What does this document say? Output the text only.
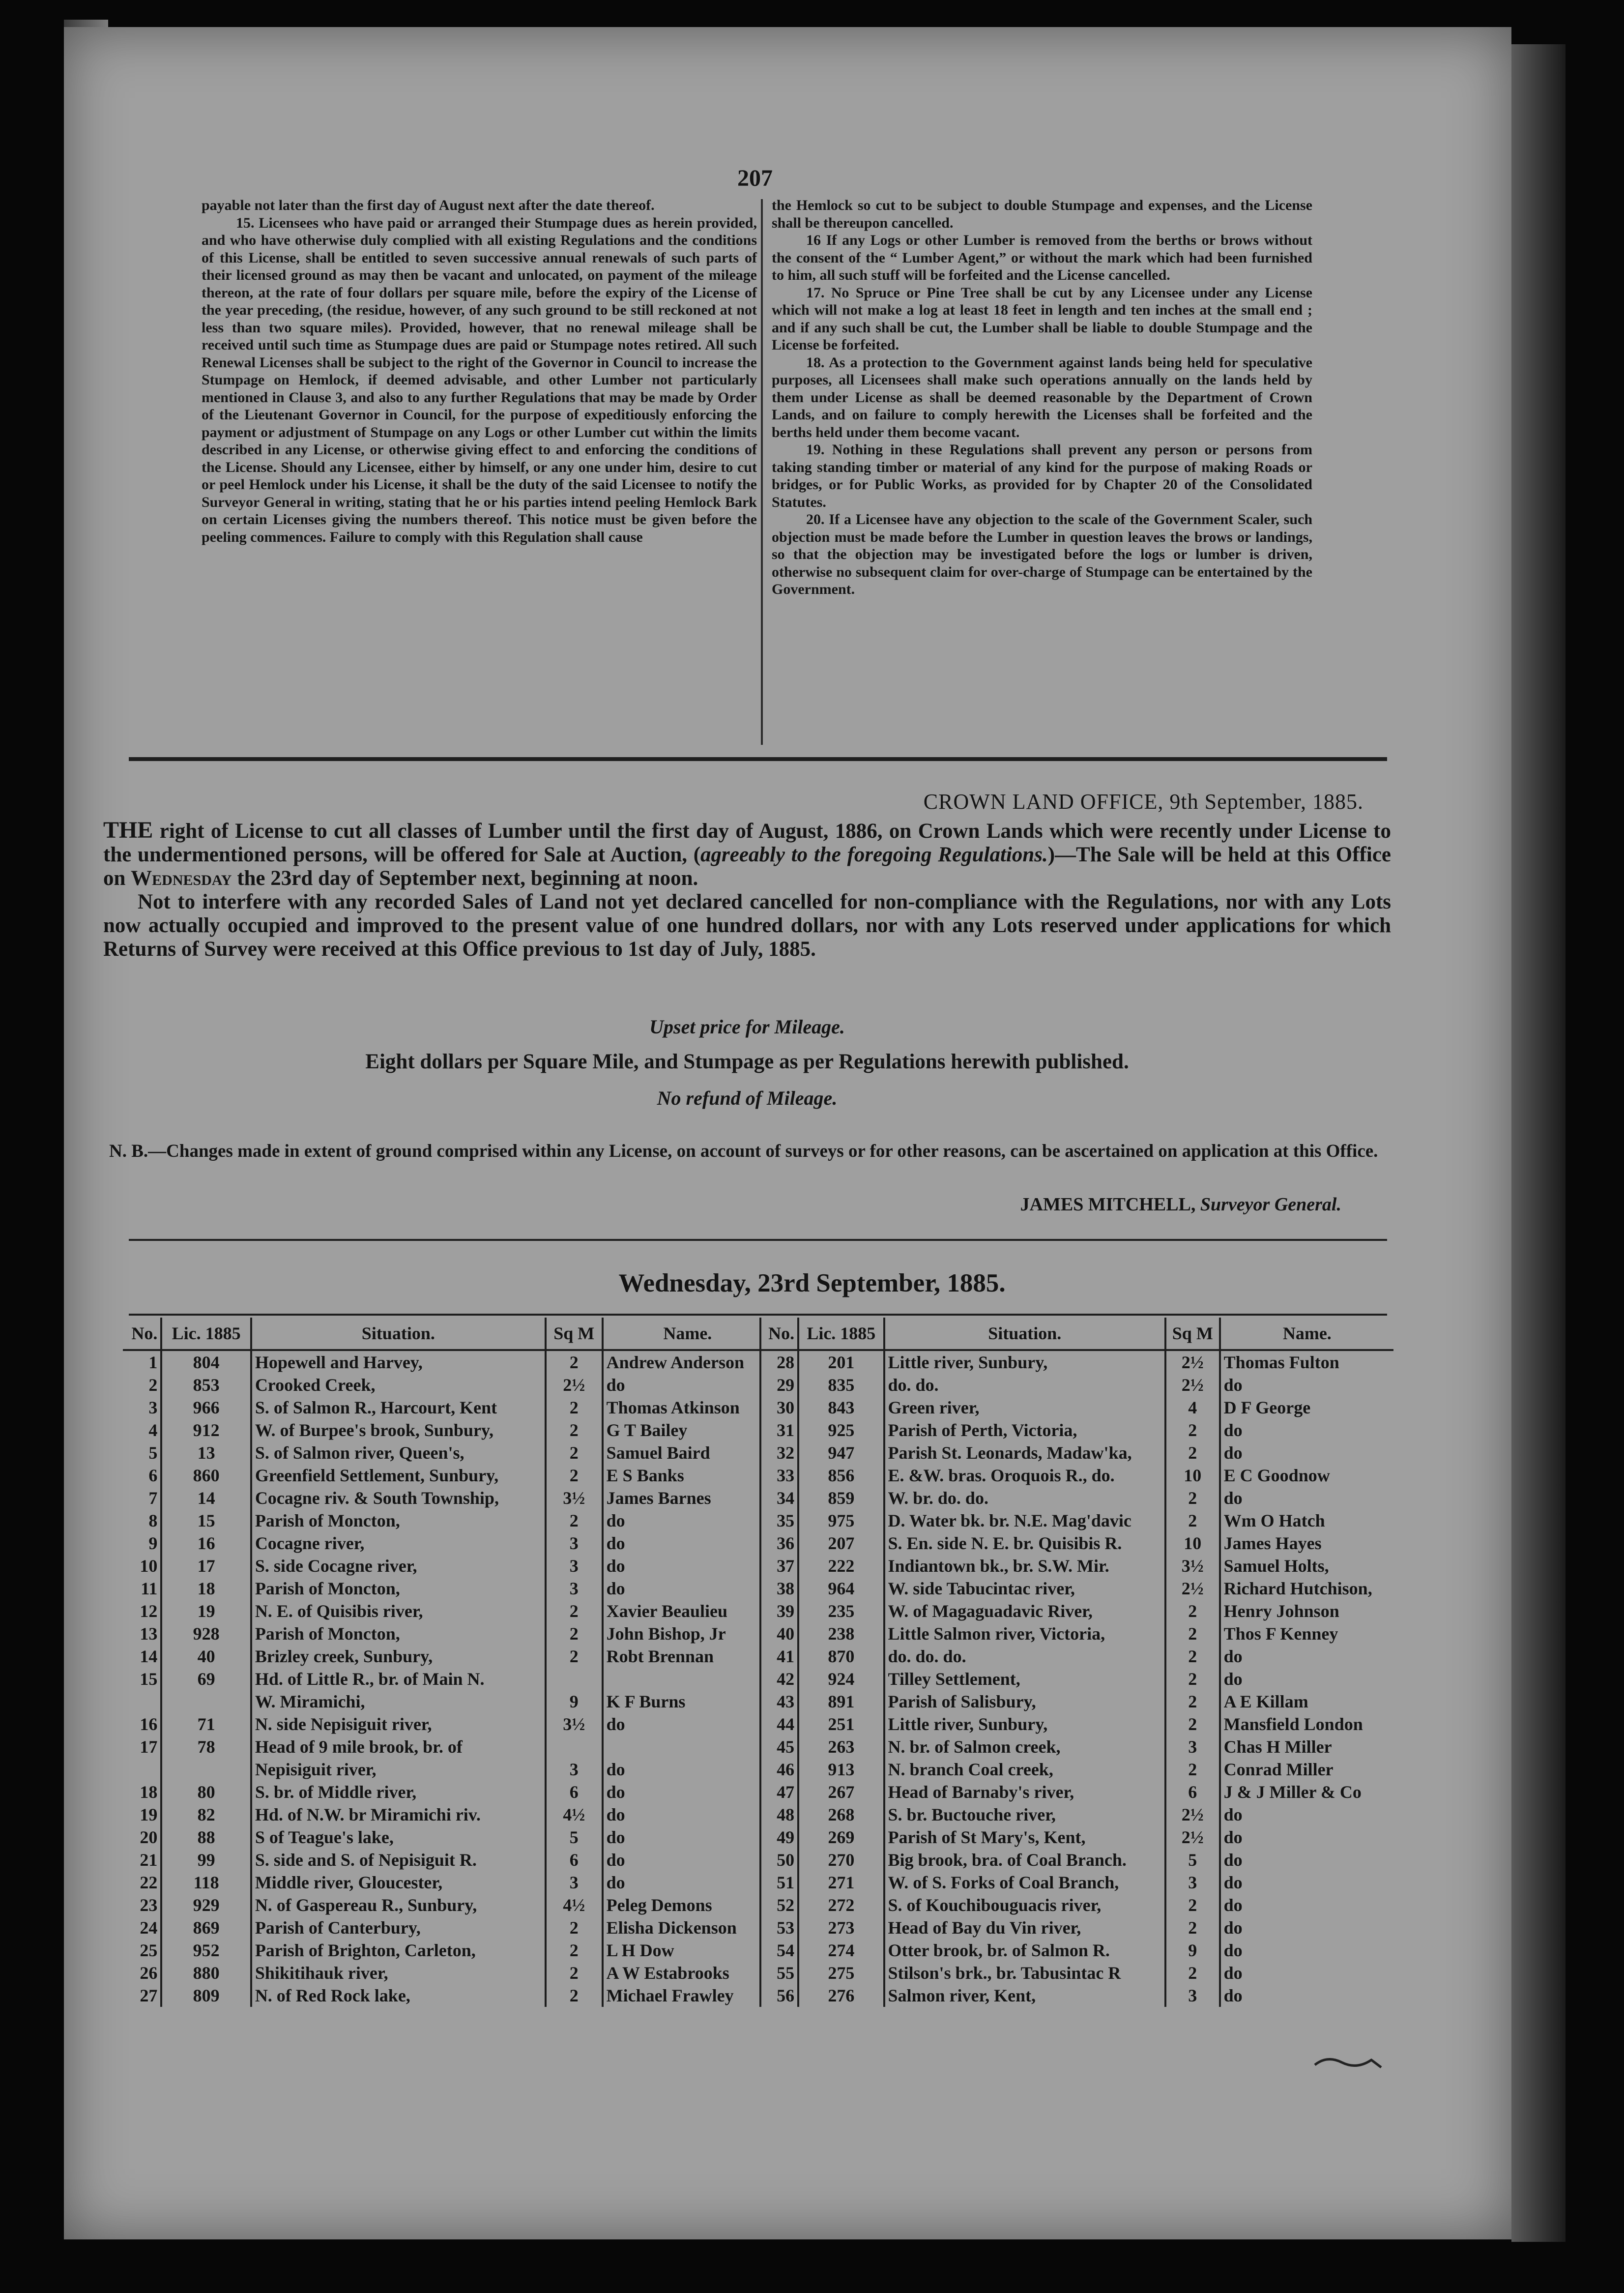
207

payable not later than the first day of August next after the date thereof.

15. Licensees who have paid or arranged their Stumpage dues as herein provided, and who have otherwise duly complied with all existing Regulations and the conditions of this License, shall be entitled to seven successive annual renewals of such parts of their licensed ground as may then be vacant and unlocated, on payment of the mileage thereon, at the rate of four dollars per square mile, before the expiry of the License of the year preceding, (the residue, however, of any such ground to be still reckoned at not less than two square miles). Provided, however, that no renewal mileage shall be received until such time as Stumpage dues are paid or Stumpage notes retired. All such Renewal Licenses shall be subject to the right of the Governor in Council to increase the Stumpage on Hemlock, if deemed advisable, and other Lumber not particularly mentioned in Clause 3, and also to any further Regulations that may be made by Order of the Lieutenant Governor in Council, for the purpose of expeditiously enforcing the payment or adjustment of Stumpage on any Logs or other Lumber cut within the limits described in any License, or otherwise giving effect to and enforcing the conditions of the License. Should any Licensee, either by himself, or any one under him, desire to cut or peel Hemlock under his License, it shall be the duty of the said Licensee to notify the Surveyor General in writing, stating that he or his parties intend peeling Hemlock Bark on certain Licenses giving the numbers thereof. This notice must be given before the peeling commences. Failure to comply with this Regulation shall cause

the Hemlock so cut to be subject to double Stumpage and expenses, and the License shall be thereupon cancelled.

16 If any Logs or other Lumber is removed from the berths or brows without the consent of the “ Lumber Agent,” or without the mark which had been furnished to him, all such stuff will be forfeited and the License cancelled.

17. No Spruce or Pine Tree shall be cut by any Licensee under any License which will not make a log at least 18 feet in length and ten inches at the small end ; and if any such shall be cut, the Lumber shall be liable to double Stumpage and the License be forfeited.

18. As a protection to the Government against lands being held for speculative purposes, all Licensees shall make such operations annually on the lands held by them under License as shall be deemed reasonable by the Department of Crown Lands, and on failure to comply herewith the Licenses shall be forfeited and the berths held under them become vacant.

19. Nothing in these Regulations shall prevent any person or persons from taking standing timber or material of any kind for the purpose of making Roads or bridges, or for Public Works, as provided for by Chapter 20 of the Consolidated Statutes.

20. If a Licensee have any objection to the scale of the Government Scaler, such objection must be made before the Lumber in question leaves the brows or landings, so that the objection may be investigated before the logs or lumber is driven, otherwise no subsequent claim for over-charge of Stumpage can be entertained by the Government.

CROWN LAND OFFICE, 9th September, 1885.
THE right of License to cut all classes of Lumber until the first day of August, 1886, on Crown Lands which were recently under License to the undermentioned persons, will be offered for Sale at Auction, (agreeably to the foregoing Regulations.)—The Sale will be held at this Office on Wednesday the 23rd day of September next, beginning at noon.
Not to interfere with any recorded Sales of Land not yet declared cancelled for non-compliance with the Regulations, nor with any Lots now actually occupied and improved to the present value of one hundred dollars, nor with any Lots reserved under applications for which Returns of Survey were received at this Office previous to 1st day of July, 1885.
Upset price for Mileage.
Eight dollars per Square Mile, and Stumpage as per Regulations herewith published.
No refund of Mileage.
N. B.—Changes made in extent of ground comprised within any License, on account of surveys or for other reasons, can be ascertained on application at this Office.
JAMES MITCHELL, Surveyor General.
Wednesday, 23rd September, 1885.
No.	Lic. 1885	Situation.	Sq M	Name.
1	804	Hopewell and Harvey,	2	Andrew Anderson
2	853	Crooked Creek,	2½	do
3	966	S. of Salmon R., Harcourt, Kent	2	Thomas Atkinson
4	912	W. of Burpee's brook, Sunbury,	2	G T Bailey
5	13	S. of Salmon river, Queen's,	2	Samuel Baird
6	860	Greenfield Settlement, Sunbury,	2	E S Banks
7	14	Cocagne riv. & South Township,	3½	James Barnes
8	15	Parish of Moncton,	2	do
9	16	Cocagne river,	3	do
10	17	S. side Cocagne river,	3	do
11	18	Parish of Moncton,	3	do
12	19	N. E. of Quisibis river,	2	Xavier Beaulieu
13	928	Parish of Moncton,	2	John Bishop, Jr
14	40	Brizley creek, Sunbury,	2	Robt Brennan
15	69	Hd. of Little R., br. of Main N.		
		W. Miramichi,	9	K F Burns
16	71	N. side Nepisiguit river,	3½	do
17	78	Head of 9 mile brook, br. of		
		Nepisiguit river,	3	do
18	80	S. br. of Middle river,	6	do
19	82	Hd. of N.W. br Miramichi riv.	4½	do
20	88	S of Teague's lake,	5	do
21	99	S. side and S. of Nepisiguit R.	6	do
22	118	Middle river, Gloucester,	3	do
23	929	N. of Gaspereau R., Sunbury,	4½	Peleg Demons
24	869	Parish of Canterbury,	2	Elisha Dickenson
25	952	Parish of Brighton, Carleton,	2	L H Dow
26	880	Shikitihauk river,	2	A W Estabrooks
27	809	N. of Red Rock lake,	2	Michael Frawley
No.	Lic. 1885	Situation.	Sq M	Name.
28	201	Little river, Sunbury,	2½	Thomas Fulton
29	835	do. do.	2½	do
30	843	Green river,	4	D F George
31	925	Parish of Perth, Victoria,	2	do
32	947	Parish St. Leonards, Madaw'ka,	2	do
33	856	E. &W. bras. Oroquois R., do.	10	E C Goodnow
34	859	W. br. do. do.	2	do
35	975	D. Water bk. br. N.E. Mag'davic	2	Wm O Hatch
36	207	S. En. side N. E. br. Quisibis R.	10	James Hayes
37	222	Indiantown bk., br. S.W. Mir.	3½	Samuel Holts,
38	964	W. side Tabucintac river,	2½	Richard Hutchison,
39	235	W. of Magaguadavic River,	2	Henry Johnson
40	238	Little Salmon river, Victoria,	2	Thos F Kenney
41	870	do. do. do.	2	do
42	924	Tilley Settlement,	2	do
43	891	Parish of Salisbury,	2	A E Killam
44	251	Little river, Sunbury,	2	Mansfield London
45	263	N. br. of Salmon creek,	3	Chas H Miller
46	913	N. branch Coal creek,	2	Conrad Miller
47	267	Head of Barnaby's river,	6	J & J Miller & Co
48	268	S. br. Buctouche river,	2½	do
49	269	Parish of St Mary's, Kent,	2½	do
50	270	Big brook, bra. of Coal Branch.	5	do
51	271	W. of S. Forks of Coal Branch,	3	do
52	272	S. of Kouchibouguacis river,	2	do
53	273	Head of Bay du Vin river,	2	do
54	274	Otter brook, br. of Salmon R.	9	do
55	275	Stilson's brk., br. Tabusintac R	2	do
56	276	Salmon river, Kent,	3	do
